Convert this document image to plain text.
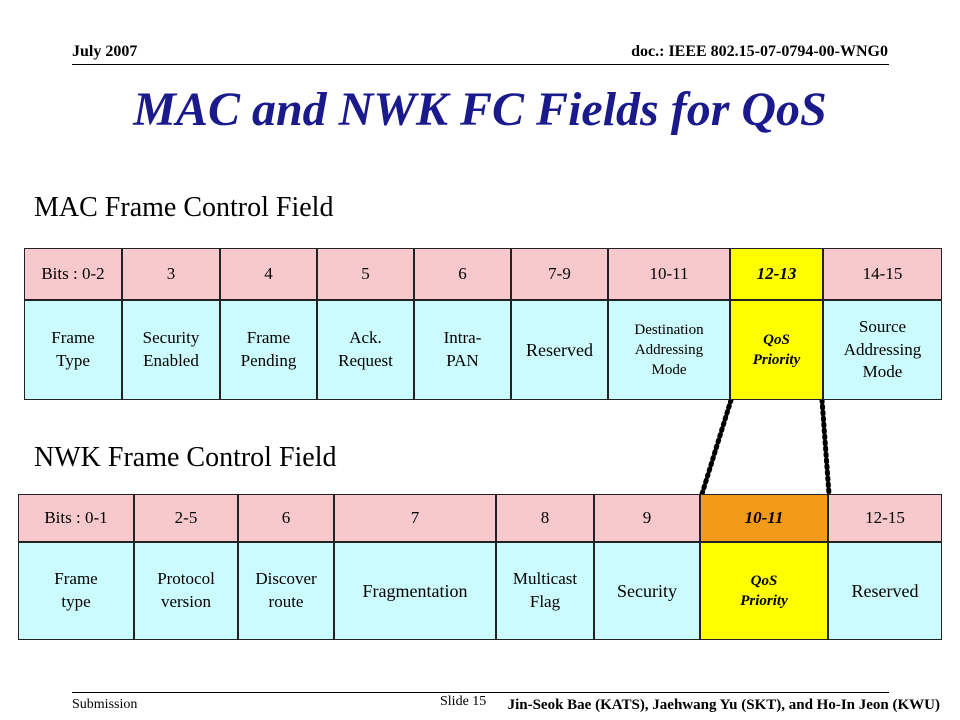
July 2007	doc.: IEEE 802.15-07-0794-00-WNG0
MAC and NWK FC Fields for QoS
MAC Frame Control Field
NWK Frame Control Field
Submission	Slide 15 Jin-Seok Bae (KATS), Jaehwang Yu (SKT), and Ho-In Jeon (KWU)
Bits : 0-2
Frame
Type
3
Security
Enabled
4
Frame
Pending
5
Ack.
Request
6
Intra-
PAN
7-9
Reserved
10-11
Destination
Addressing
Mode
12-13
QoS
Priority
14-15
Source
Addressing
Mode
Bits : 0-1
Frame
type
2-5
Protocol
version
6
Discover
route
7
Fragmentation
8
Multicast
Flag
9
Security
10-11
QoS
Priority
12-15
Reserved
